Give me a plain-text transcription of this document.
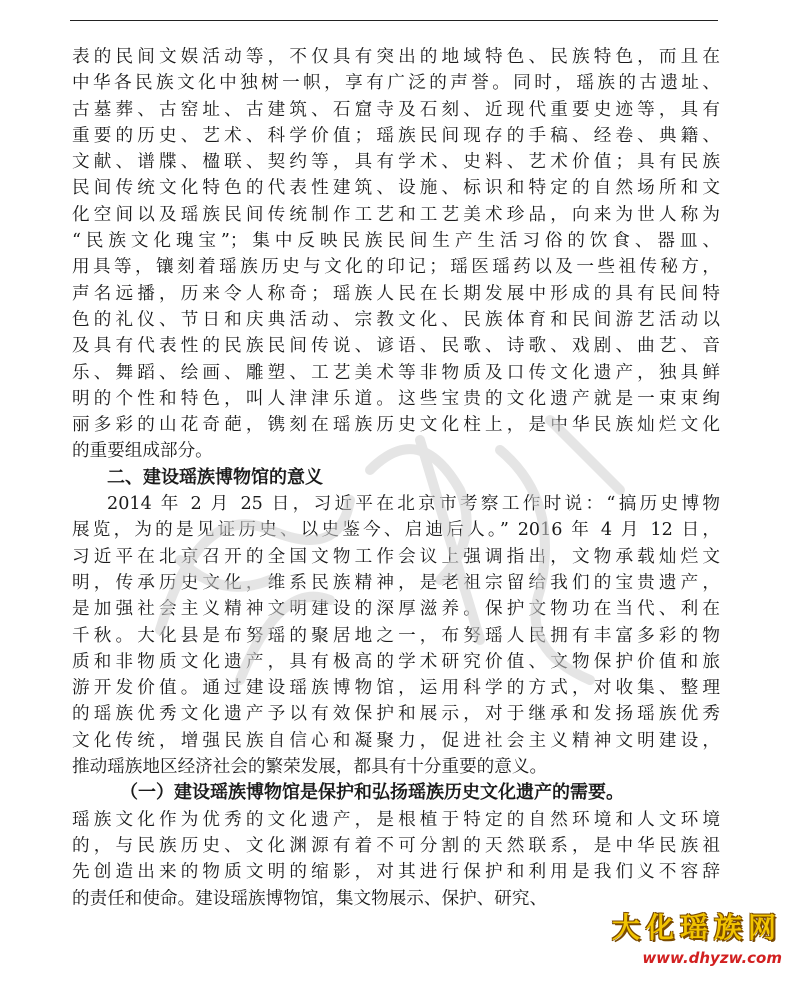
表的民间文娱活动等，不仅具有突出的地域特色、民族特色，而且在
中华各民族文化中独树一帜，享有广泛的声誉。同时，瑶族的古遗址、
古墓葬、古窑址、古建筑、石窟寺及石刻、近现代重要史迹等，具有
重要的历史、艺术、科学价值；瑶族民间现存的手稿、经卷、典籍、
文献、谱牒、楹联、契约等，具有学术、史料、艺术价值；具有民族
民间传统文化特色的代表性建筑、设施、标识和特定的自然场所和文
化空间以及瑶族民间传统制作工艺和工艺美术珍品，向来为世人称为
“民族文化瑰宝”；集中反映民族民间生产生活习俗的饮食、器皿、
用具等，镶刻着瑶族历史与文化的印记；瑶医瑶药以及一些祖传秘方，
声名远播，历来令人称奇；瑶族人民在长期发展中形成的具有民间特
色的礼仪、节日和庆典活动、宗教文化、民族体育和民间游艺活动以
及具有代表性的民族民间传说、谚语、民歌、诗歌、戏剧、曲艺、音
乐、舞蹈、绘画、雕塑、工艺美术等非物质及口传文化遗产，独具鲜
明的个性和特色，叫人津津乐道。这些宝贵的文化遗产就是一束束绚
丽多彩的山花奇葩，镌刻在瑶族历史文化柱上，是中华民族灿烂文化
的重要组成部分。
二、建设瑶族博物馆的意义
2014 年 2 月 25 日，习近平在北京市考察工作时说：“搞历史博物
展览，为的是见证历史、以史鉴今、启迪后人。” 2016 年 4 月 12 日，
习近平在北京召开的全国文物工作会议上强调指出，文物承载灿烂文
明，传承历史文化，维系民族精神，是老祖宗留给我们的宝贵遗产，
是加强社会主义精神文明建设的深厚滋养。保护文物功在当代、利在
千秋。大化县是布努瑶的聚居地之一，布努瑶人民拥有丰富多彩的物
质和非物质文化遗产，具有极高的学术研究价值、文物保护价值和旅
游开发价值。通过建设瑶族博物馆，运用科学的方式，对收集、整理
的瑶族优秀文化遗产予以有效保护和展示，对于继承和发扬瑶族优秀
文化传统，增强民族自信心和凝聚力，促进社会主义精神文明建设，
推动瑶族地区经济社会的繁荣发展，都具有十分重要的意义。
（一）建设瑶族博物馆是保护和弘扬瑶族历史文化遗产的需要。
瑶族文化作为优秀的文化遗产，是根植于特定的自然环境和人文环境
的，与民族历史、文化渊源有着不可分割的天然联系，是中华民族祖
先创造出来的物质文明的缩影，对其进行保护和利用是我们义不容辞
的责任和使命。建设瑶族博物馆，集文物展示、保护、研究、
大化瑶族网
www.dhyzw.com
